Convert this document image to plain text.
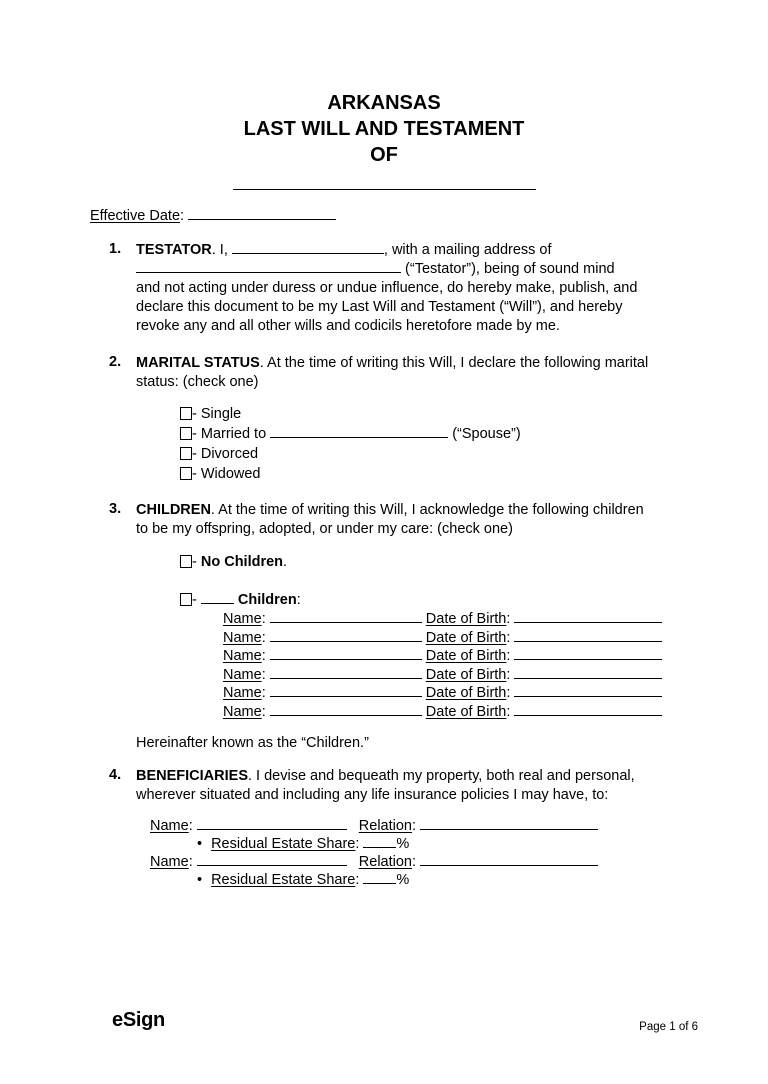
ARKANSAS
LAST WILL AND TESTAMENT
OF
Effective Date:
1. TESTATOR. I,	, with a mailing address of
(“Testator”), being of sound mind
and not acting under duress or undue influence, do hereby make, publish, and
declare this document to be my Last Will and Testament (“Will”), and hereby
revoke any and all other wills and codicils heretofore made by me.
2. MARITAL STATUS. At the time of writing this Will, I declare the following marital
status: (check one)
- Single
- Married to	(“Spouse”)
- Divorced
- Widowed
3. CHILDREN. At the time of writing this Will, I acknowledge the following children
to be my offspring, adopted, or under my care: (check one)
- No Children.
-	Children:
Name:	Date of Birth:
Name:	Date of Birth:
Name:	Date of Birth:
Name:	Date of Birth:
Name:	Date of Birth:
Name:	Date of Birth:
Hereinafter known as the “Children.”
4. BENEFICIARIES. I devise and bequeath my property, both real and personal,
wherever situated and including any life insurance policies I may have, to:
Name:	Relation:
• Residual Estate Share:	%
Name:	Relation:
• Residual Estate Share:	%
eSign	Page 1 of 6
